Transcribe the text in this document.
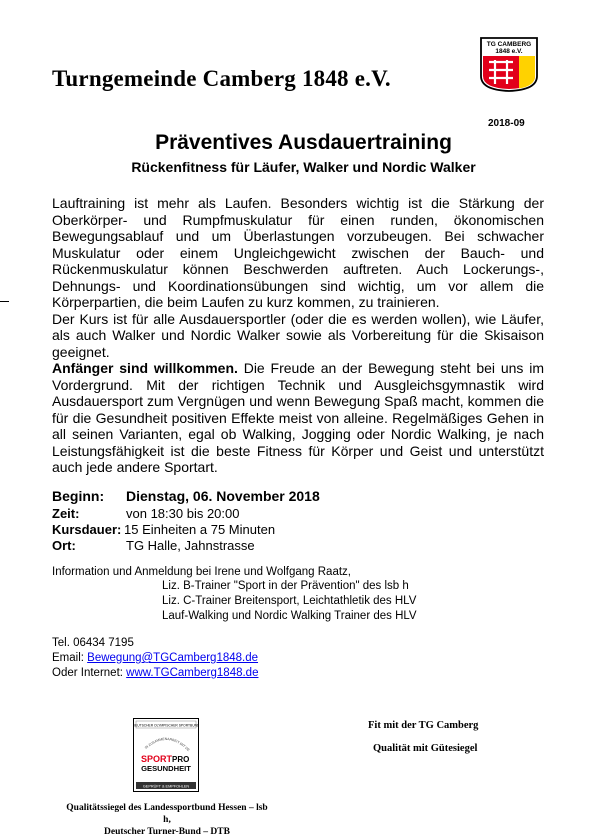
Turngemeinde Camberg 1848 e.V.
TG CAMBERG
1848 e.V.
2018-09
Präventives Ausdauertraining
Rückenfitness für Läufer, Walker und Nordic Walker

Lauftraining ist mehr als Laufen. Besonders wichtig ist die Stärkung der Oberkörper- und Rumpfmuskulatur für einen runden, ökonomischen Bewegungsablauf und um Überlastungen vorzubeugen. Bei schwacher Muskulatur oder einem Ungleichgewicht zwischen der Bauch- und Rückenmuskulatur können Beschwerden auftreten. Auch Lockerungs-, Dehnungs- und Koordinationsübungen sind wichtig, um vor allem die Körperpartien, die beim Laufen zu kurz kommen, zu trainieren.

Der Kurs ist für alle Ausdauersportler (oder die es werden wollen), wie Läufer, als auch Walker und Nordic Walker sowie als Vorbereitung für die Skisaison geeignet.

Anfänger sind willkommen. Die Freude an der Bewegung steht bei uns im Vordergrund. Mit der richtigen Technik und Ausgleichsgymnastik wird Ausdauersport zum Vergnügen und wenn Bewegung Spaß macht, kommen die für die Gesundheit positiven Effekte meist von alleine. Regelmäßiges Gehen in all seinen Varianten, egal ob Walking, Jogging oder Nordic Walking, je nach Leistungsfähigkeit ist die beste Fitness für Körper und Geist und unterstützt auch jede andere Sportart.

Beginn: Dienstag, 06. November 2018
Zeit:	von 18:30 bis 20:00
Kursdauer: 15 Einheiten a 75 Minuten
Ort:	TG Halle, Jahnstrasse
Information und Anmeldung bei Irene und Wolfgang Raatz,
Liz. B-Trainer "Sport in der Prävention" des lsb h
Liz. C-Trainer Breitensport, Leichtathletik des HLV
Lauf-Walking und Nordic Walking Trainer des HLV
Tel. 06434 7195
Email: Bewegung@TGCamberg1848.de
Oder Internet: www.TGCamberg1848.de
DEUTSCHER OLYMPISCHER SPORTBUND
IN ZUSAMMENARBEIT MIT DE
SPORT PRO
GESUNDHEIT
GEPRÜFT & EMPFOHLEN
Fit mit der TG Camberg
Qualität mit Gütesiegel
Qualitätssiegel des Landessportbund Hessen – lsb h,
Deutscher Turner-Bund – DTB
